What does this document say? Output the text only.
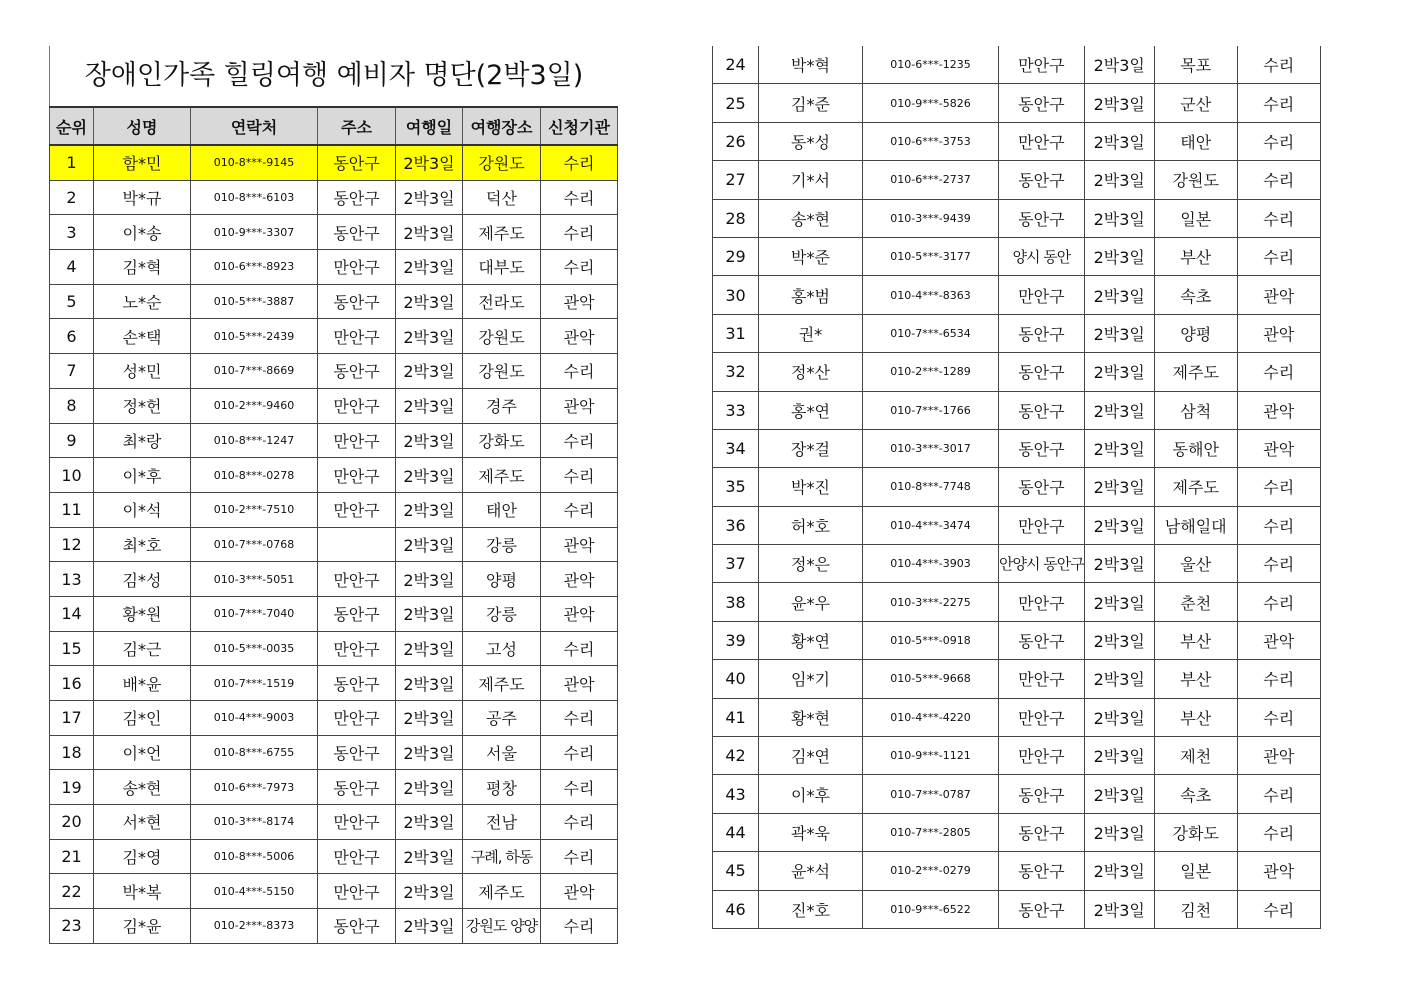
장애인가족 힐링여행 예비자 명단(2박3일)
순위	성명	연락처	주소	여행일	여행장소	신청기관
1	함*민	010-8***-9145	동안구	2박3일	강원도	수리
2	박*규	010-8***-6103	동안구	2박3일	덕산	수리
3	이*송	010-9***-3307	동안구	2박3일	제주도	수리
4	김*혁	010-6***-8923	만안구	2박3일	대부도	수리
5	노*순	010-5***-3887	동안구	2박3일	전라도	관악
6	손*택	010-5***-2439	만안구	2박3일	강원도	관악
7	성*민	010-7***-8669	동안구	2박3일	강원도	수리
8	정*헌	010-2***-9460	만안구	2박3일	경주	관악
9	최*랑	010-8***-1247	만안구	2박3일	강화도	수리
10	이*후	010-8***-0278	만안구	2박3일	제주도	수리
11	이*석	010-2***-7510	만안구	2박3일	태안	수리
12	최*호	010-7***-0768		2박3일	강릉	관악
13	김*성	010-3***-5051	만안구	2박3일	양평	관악
14	황*원	010-7***-7040	동안구	2박3일	강릉	관악
15	김*근	010-5***-0035	만안구	2박3일	고성	수리
16	배*윤	010-7***-1519	동안구	2박3일	제주도	관악
17	김*인	010-4***-9003	만안구	2박3일	공주	수리
18	이*언	010-8***-6755	동안구	2박3일	서울	수리
19	송*현	010-6***-7973	동안구	2박3일	평창	수리
20	서*현	010-3***-8174	만안구	2박3일	전남	수리
21	김*영	010-8***-5006	만안구	2박3일	구례, 하동	수리
22	박*복	010-4***-5150	만안구	2박3일	제주도	관악
23	김*윤	010-2***-8373	동안구	2박3일	강원도 양양	수리
24	박*혁	010-6***-1235	만안구	2박3일	목포	수리
25	김*준	010-9***-5826	동안구	2박3일	군산	수리
26	동*성	010-6***-3753	만안구	2박3일	태안	수리
27	기*서	010-6***-2737	동안구	2박3일	강원도	수리
28	송*현	010-3***-9439	동안구	2박3일	일본	수리
29	박*준	010-5***-3177	양시 동안	2박3일	부산	수리
30	홍*범	010-4***-8363	만안구	2박3일	속초	관악
31	권*	010-7***-6534	동안구	2박3일	양평	관악
32	정*산	010-2***-1289	동안구	2박3일	제주도	수리
33	홍*연	010-7***-1766	동안구	2박3일	삼척	관악
34	장*걸	010-3***-3017	동안구	2박3일	동해안	관악
35	박*진	010-8***-7748	동안구	2박3일	제주도	수리
36	허*호	010-4***-3474	만안구	2박3일	남해일대	수리
37	정*은	010-4***-3903	안양시 동안구	2박3일	울산	수리
38	윤*우	010-3***-2275	만안구	2박3일	춘천	수리
39	황*연	010-5***-0918	동안구	2박3일	부산	관악
40	임*기	010-5***-9668	만안구	2박3일	부산	수리
41	황*현	010-4***-4220	만안구	2박3일	부산	수리
42	김*연	010-9***-1121	만안구	2박3일	제천	관악
43	이*후	010-7***-0787	동안구	2박3일	속초	수리
44	곽*욱	010-7***-2805	동안구	2박3일	강화도	수리
45	윤*석	010-2***-0279	동안구	2박3일	일본	관악
46	진*호	010-9***-6522	동안구	2박3일	김천	수리
